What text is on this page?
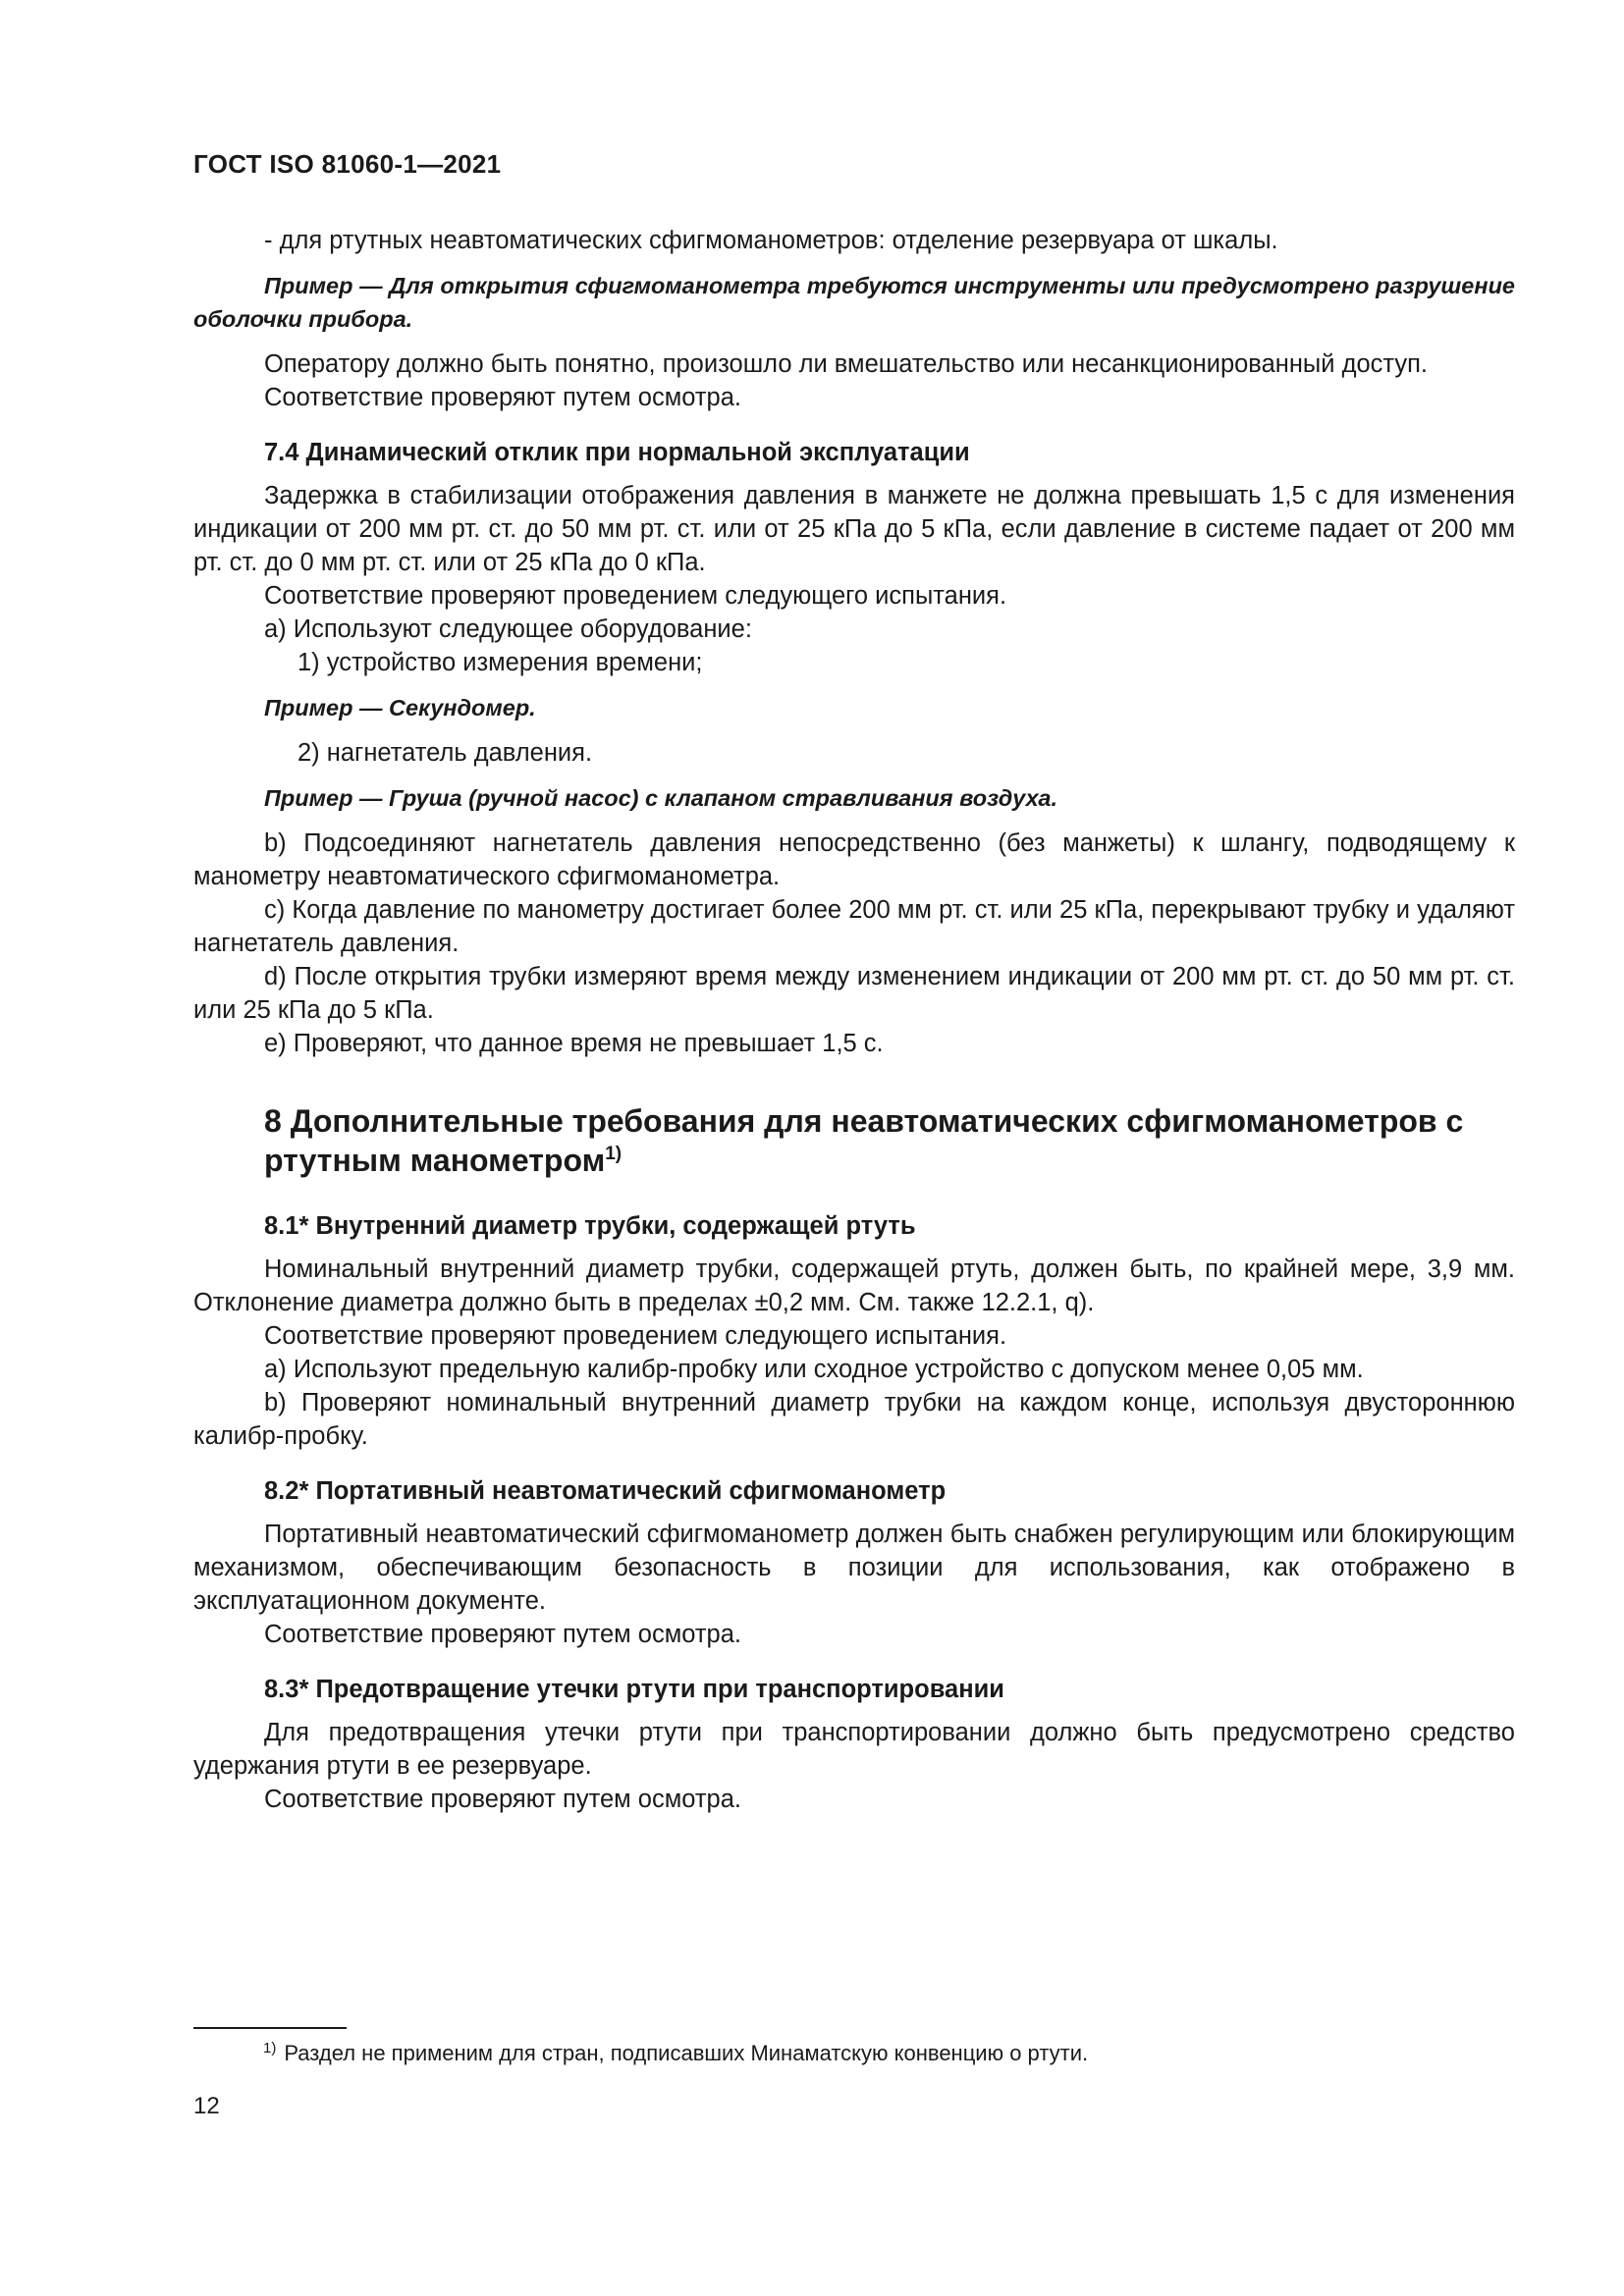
ГОСТ ISO 81060-1—2021

- для ртутных неавтоматических сфигмоманометров: отделение резервуара от шкалы.

Пример — Для открытия сфигмоманометра требуются инструменты или предусмотрено разрушение оболочки прибора.

Оператору должно быть понятно, произошло ли вмешательство или несанкционированный доступ.

Соответствие проверяют путем осмотра.

7.4 Динамический отклик при нормальной эксплуатации

Задержка в стабилизации отображения давления в манжете не должна превышать 1,5 с для изменения индикации от 200 мм рт. ст. до 50 мм рт. ст. или от 25 кПа до 5 кПа, если давление в системе падает от 200 мм рт. ст. до 0 мм рт. ст. или от 25 кПа до 0 кПа.

Соответствие проверяют проведением следующего испытания.

a) Используют следующее оборудование:

1) устройство измерения времени;

Пример — Секундомер.

2) нагнетатель давления.

Пример — Груша (ручной насос) с клапаном стравливания воздуха.

b) Подсоединяют нагнетатель давления непосредственно (без манжеты) к шлангу, подводящему к манометру неавтоматического сфигмоманометра.

c) Когда давление по манометру достигает более 200 мм рт. ст. или 25 кПа, перекрывают трубку и удаляют нагнетатель давления.

d) После открытия трубки измеряют время между изменением индикации от 200 мм рт. ст. до 50 мм рт. ст. или 25 кПа до 5 кПа.

e) Проверяют, что данное время не превышает 1,5 с.

8 Дополнительные требования для неавтоматических сфигмоманометров с ртутным манометром$^{1)}$

8.1* Внутренний диаметр трубки, содержащей ртуть

Номинальный внутренний диаметр трубки, содержащей ртуть, должен быть, по крайней мере, 3,9 мм. Отклонение диаметра должно быть в пределах ±0,2 мм. См. также 12.2.1, q).

Соответствие проверяют проведением следующего испытания.

a) Используют предельную калибр-пробку или сходное устройство с допуском менее 0,05 мм.

b) Проверяют номинальный внутренний диаметр трубки на каждом конце, используя двустороннюю калибр-пробку.

8.2* Портативный неавтоматический сфигмоманометр

Портативный неавтоматический сфигмоманометр должен быть снабжен регулирующим или блокирующим механизмом, обеспечивающим безопасность в позиции для использования, как отображено в эксплуатационном документе.

Соответствие проверяют путем осмотра.

8.3* Предотвращение утечки ртути при транспортировании

Для предотвращения утечки ртути при транспортировании должно быть предусмотрено средство удержания ртути в ее резервуаре.

Соответствие проверяют путем осмотра.

$^{1)}$ Раздел не применим для стран, подписавших Минаматскую конвенцию о ртути.
12
